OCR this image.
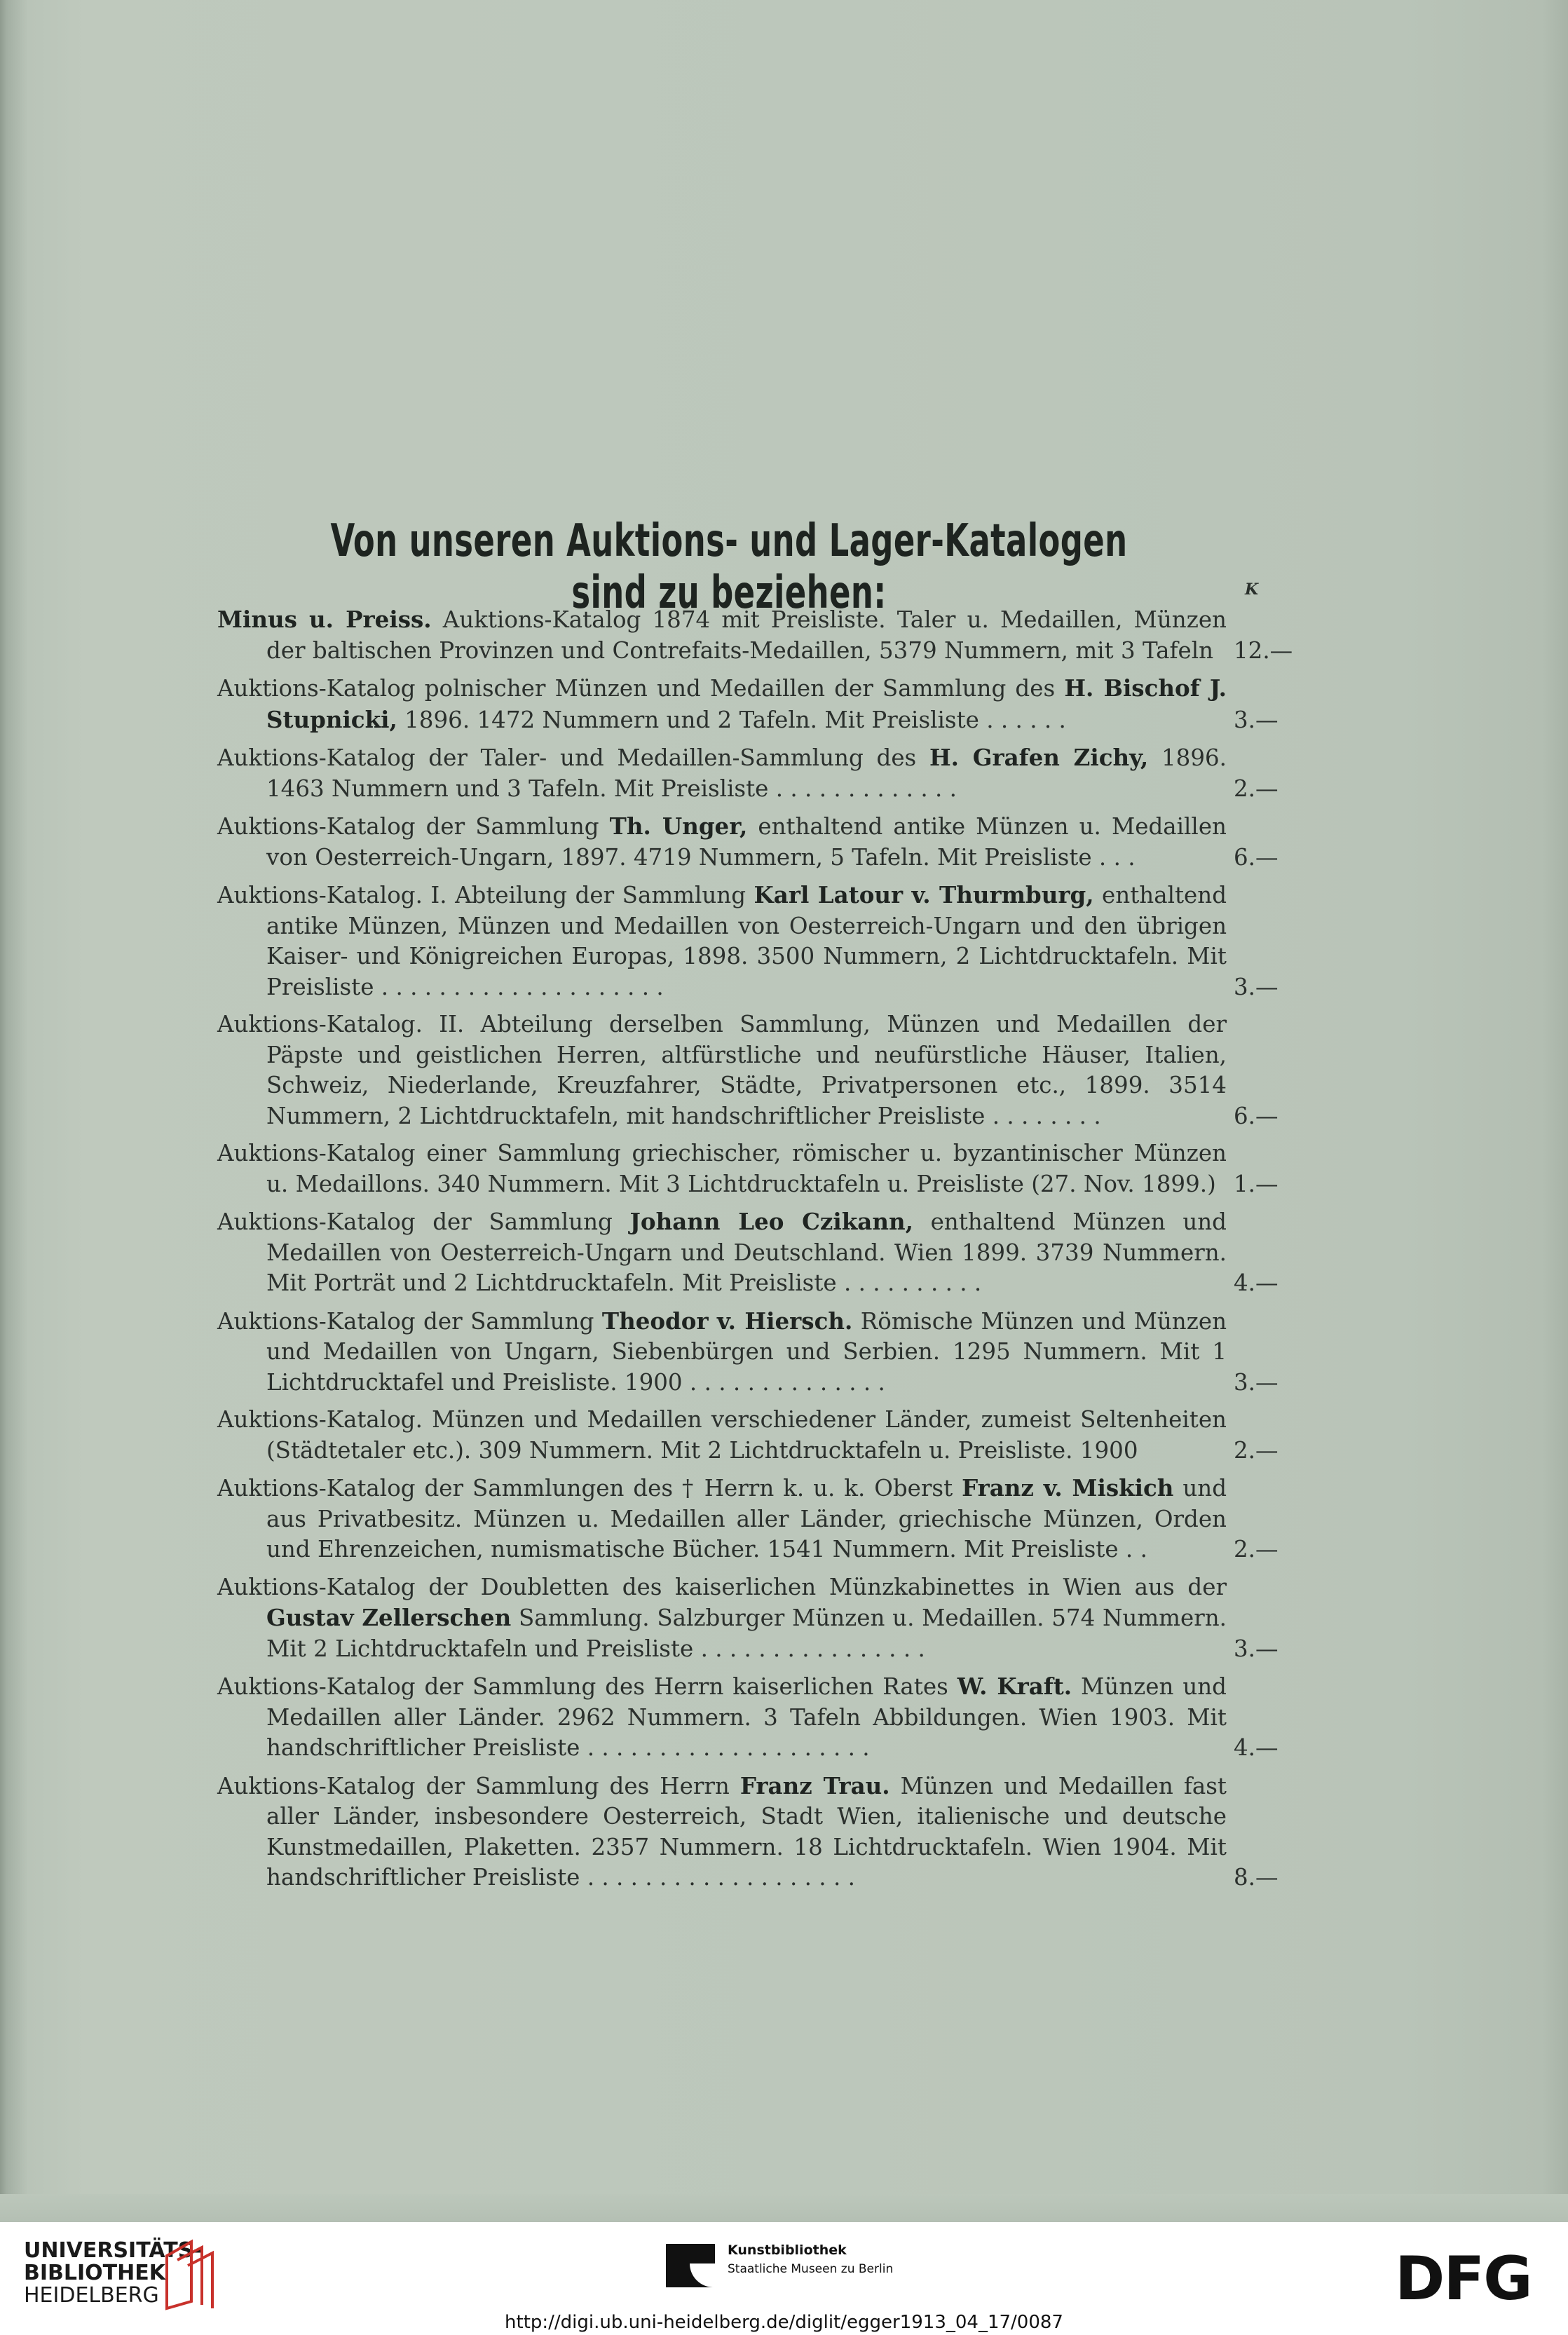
Von unseren Auktions- und Lager-Katalogen sind zu beziehen:	K
Minus u. Preiss. Auktions-Katalog 1874 mit Preisliste. Taler u. Medaillen, Münzen der baltischen Provinzen und Contrefaits-Medaillen, 5379 Nummern, mit 3 Tafeln 12.—
Auktions-Katalog polnischer Münzen und Medaillen der Sammlung des H. Bischof J. Stupnicki, 1896. 1472 Nummern und 2 Tafeln. Mit Preisliste . . . . . .	3.—
Auktions-Katalog der Taler- und Medaillen-Sammlung des H. Grafen Zichy, 1896. 1463 Nummern und 3 Tafeln. Mit Preisliste . . . . . . . . . . . . .	2.—
Auktions-Katalog der Sammlung Th. Unger, enthaltend antike Münzen u. Medaillen von Oesterreich-Ungarn, 1897. 4719 Nummern, 5 Tafeln. Mit Preisliste . . .	6.—
Auktions-Katalog. I. Abteilung der Sammlung Karl Latour v. Thurmburg, enthaltend antike Münzen, Münzen und Medaillen von Oesterreich-Ungarn und den übrigen Kaiser- und Königreichen Europas, 1898. 3500 Nummern, 2 Lichtdrucktafeln. Mit Preisliste . . . . . . . . . . . . . . . . . . . .	3.—
Auktions-Katalog. II. Abteilung derselben Sammlung, Münzen und Medaillen der Päpste und geistlichen Herren, altfürstliche und neufürstliche Häuser, Italien, Schweiz, Niederlande, Kreuzfahrer, Städte, Privatpersonen etc., 1899. 3514 Nummern, 2 Lichtdrucktafeln, mit handschriftlicher Preisliste . . . . . . . .	6.—
Auktions-Katalog einer Sammlung griechischer, römischer u. byzantinischer Münzen u. Medaillons. 340 Nummern. Mit 3 Lichtdrucktafeln u. Preisliste (27. Nov. 1899.) 1.—
Auktions-Katalog der Sammlung Johann Leo Czikann, enthaltend Münzen und Medaillen von Oesterreich-Ungarn und Deutschland. Wien 1899. 3739 Nummern. Mit Porträt und 2 Lichtdrucktafeln. Mit Preisliste . . . . . . . . . .	4.—
Auktions-Katalog der Sammlung Theodor v. Hiersch. Römische Münzen und Münzen und Medaillen von Ungarn, Siebenbürgen und Serbien. 1295 Nummern. Mit 1 Lichtdrucktafel und Preisliste. 1900 . . . . . . . . . . . . . .	3.—
Auktions-Katalog. Münzen und Medaillen verschiedener Länder, zumeist Seltenheiten (Städtetaler etc.). 309 Nummern. Mit 2 Lichtdrucktafeln u. Preisliste. 1900	2.—
Auktions-Katalog der Sammlungen des † Herrn k. u. k. Oberst Franz v. Miskich und aus Privatbesitz. Münzen u. Medaillen aller Länder, griechische Münzen, Orden und Ehrenzeichen, numismatische Bücher. 1541 Nummern. Mit Preisliste . .	2.—
Auktions-Katalog der Doubletten des kaiserlichen Münzkabinettes in Wien aus der Gustav Zellerschen Sammlung. Salzburger Münzen u. Medaillen. 574 Nummern. Mit 2 Lichtdrucktafeln und Preisliste . . . . . . . . . . . . . . . .	3.—
Auktions-Katalog der Sammlung des Herrn kaiserlichen Rates W. Kraft. Münzen und Medaillen aller Länder. 2962 Nummern. 3 Tafeln Abbildungen. Wien 1903. Mit handschriftlicher Preisliste . . . . . . . . . . . . . . . . . . . .	4.—
Auktions-Katalog der Sammlung des Herrn Franz Trau. Münzen und Medaillen fast aller Länder, insbesondere Oesterreich, Stadt Wien, italienische und deutsche Kunstmedaillen, Plaketten. 2357 Nummern. 18 Lichtdrucktafeln. Wien 1904. Mit handschriftlicher Preisliste . . . . . . . . . . . . . . . . . . .	8.—
UNIVERSITÄTS-
BIBLIOTHEK
HEIDELBERG
Kunstbibliothek
Staatliche Museen zu Berlin	DFG
http://digi.ub.uni-heidelberg.de/diglit/egger1913_04_17/0087
